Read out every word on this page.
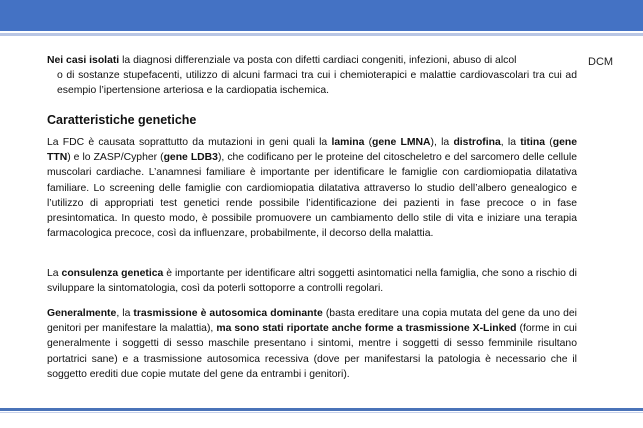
DCM
Nei casi isolati la diagnosi differenziale va posta con difetti cardiaci congeniti, infezioni, abuso di alcol
o di sostanze stupefacenti, utilizzo di alcuni farmaci tra cui i chemioterapici e malattie cardiovascolari tra cui ad esempio l’ipertensione arteriosa e la cardiopatia ischemica.
Caratteristiche genetiche
La FDC è causata soprattutto da mutazioni in geni quali la lamina (gene LMNA), la distrofina, la titina (gene TTN) e lo ZASP/Cypher (gene LDB3), che codificano per le proteine del citoscheletro e del sarcomero delle cellule muscolari cardiache. L’anamnesi familiare è importante per identificare le famiglie con cardiomiopatia dilatativa familiare. Lo screening delle famiglie con cardiomiopatia dilatativa attraverso lo studio dell’albero genealogico e l’utilizzo di appropriati test genetici rende possibile l’identificazione dei pazienti in fase precoce o in fase presintomatica. In questo modo, è possibile promuovere un cambiamento dello stile di vita e iniziare una terapia farmacologica precoce, così da influenzare, probabilmente, il decorso della malattia.
La consulenza genetica è importante per identificare altri soggetti asintomatici nella famiglia, che sono a rischio di sviluppare la sintomatologia, così da poterli sottoporre a controlli regolari.
Generalmente, la trasmissione è autosomica dominante (basta ereditare una copia mutata del gene da uno dei genitori per manifestare la malattia), ma sono stati riportate anche forme a trasmissione X-Linked (forme in cui generalmente i soggetti di sesso maschile presentano i sintomi, mentre i soggetti di sesso femminile risultano portatrici sane) e a trasmissione autosomica recessiva (dove per manifestarsi la patologia è necessario che il soggetto erediti due copie mutate del gene da entrambi i genitori).
